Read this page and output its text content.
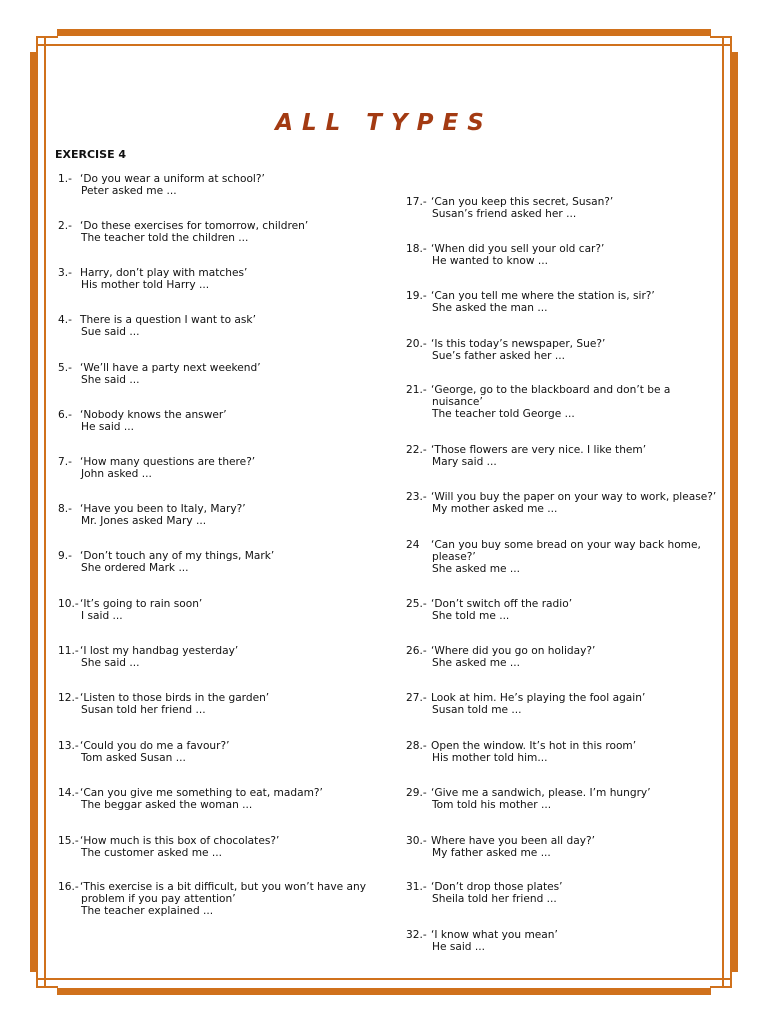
ALL TYPES
EXERCISE 4
1.- ‘Do you wear a uniform at school?’
Peter asked me ...
2.- ‘Do these exercises for tomorrow, children’
The teacher told the children ...
3.- Harry, don’t play with matches’
His mother told Harry ...
4.- There is a question I want to ask’
Sue said ...
5.- ‘We’ll have a party next weekend’
She said ...
6.- ‘Nobody knows the answer’
He said ...
7.- ‘How many questions are there?’
John asked ...
8.- ‘Have you been to Italy, Mary?’
Mr. Jones asked Mary ...
9.- ‘Don’t touch any of my things, Mark’
She ordered Mark ...
10.-‘It’s going to rain soon’
I said ...
11.-‘I lost my handbag yesterday’
She said ...
12.-‘Listen to those birds in the garden’
Susan told her friend ...
13.-‘Could you do me a favour?’
Tom asked Susan ...
14.-‘Can you give me something to eat, madam?’
The beggar asked the woman ...
15.-‘How much is this box of chocolates?’
The customer asked me ...
16.-‘This exercise is a bit difficult, but you won’t have any
problem if you pay attention’
The teacher explained ...
17.- ‘Can you keep this secret, Susan?’
Susan’s friend asked her ...
18.- ‘When did you sell your old car?’
He wanted to know ...
19.- ‘Can you tell me where the station is, sir?’
She asked the man ...
20.- ‘Is this today’s newspaper, Sue?’
Sue’s father asked her ...
21.- ‘George, go to the blackboard and don’t be a
nuisance’
The teacher told George ...
22.- ‘Those flowers are very nice. I like them’
Mary said ...
23.- ‘Will you buy the paper on your way to work, please?’
My mother asked me ...
24 ‘Can you buy some bread on your way back home,
please?’
She asked me ...
25.- ‘Don’t switch off the radio’
She told me ...
26.- ‘Where did you go on holiday?’
She asked me ...
27.- Look at him. He’s playing the fool again’
Susan told me ...
28.- Open the window. It’s hot in this room’
His mother told him...
29.- ‘Give me a sandwich, please. I’m hungry’
Tom told his mother ...
30.- Where have you been all day?’
My father asked me ...
31.- ‘Don’t drop those plates’
Sheila told her friend ...
32.- ‘I know what you mean’
He said ...
